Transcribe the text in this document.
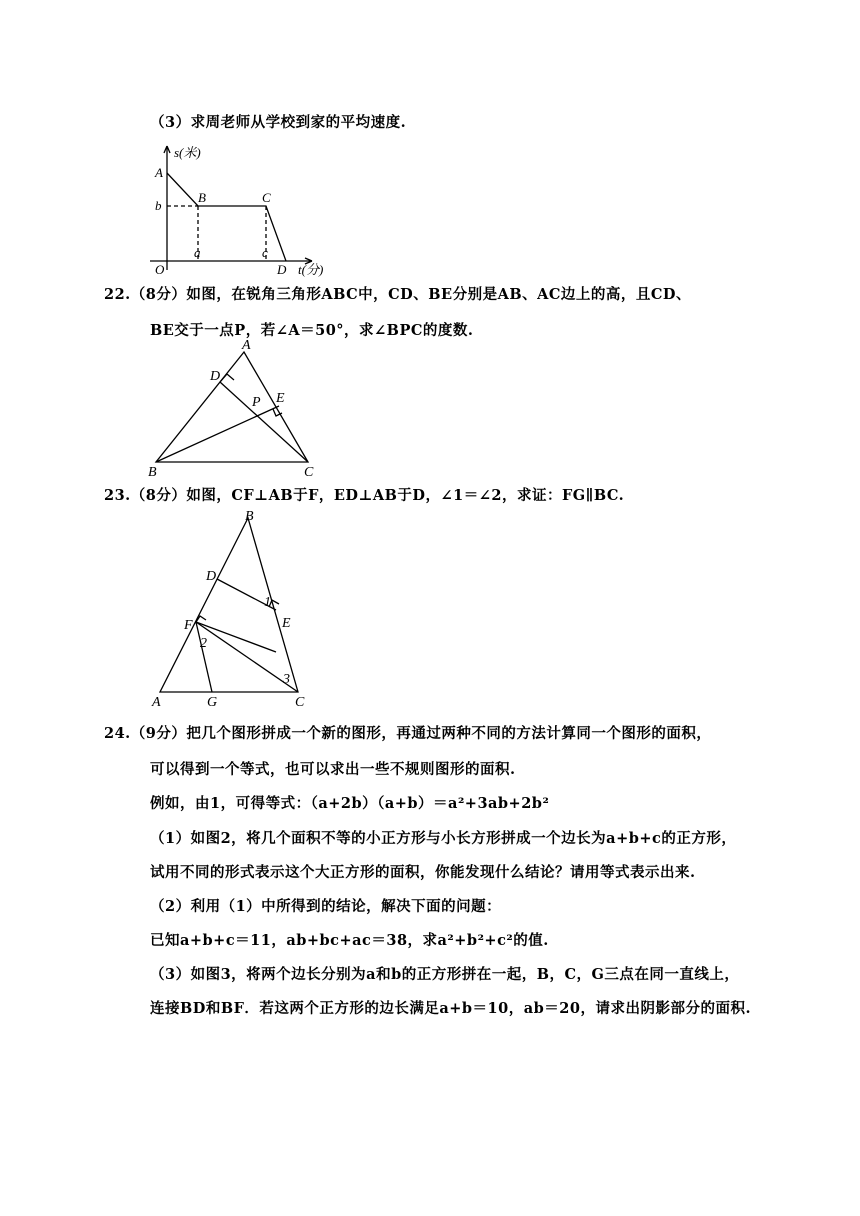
（3）求周老师从学校到家的平均速度.
s(米)
A
B	C
b
a	c
O	D t(分)
22.（8分）如图，在锐角三角形ABC中，CD、BE分别是AB、AC边上的高，且CD、
BE交于一点P，若∠A＝50°，求∠BPC的度数.
A
D
P E
B	C
23.（8分）如图，CF⊥AB于F，ED⊥AB于D，∠1＝∠2，求证：FG∥BC.
B
D
1
E
F
2
3
A	G	C
24.（9分）把几个图形拼成一个新的图形，再通过两种不同的方法计算同一个图形的面积，
可以得到一个等式，也可以求出一些不规则图形的面积.
例如，由1，可得等式：（a+2b）（a+b）＝a²+3ab+2b²
（1）如图2，将几个面积不等的小正方形与小长方形拼成一个边长为a+b+c的正方形，
试用不同的形式表示这个大正方形的面积，你能发现什么结论？请用等式表示出来.
（2）利用（1）中所得到的结论，解决下面的问题：
已知a+b+c＝11，ab+bc+ac＝38，求a²+b²+c²的值.
（3）如图3，将两个边长分别为a和b的正方形拼在一起，B，C，G三点在同一直线上，
连接BD和BF．若这两个正方形的边长满足a+b＝10，ab＝20，请求出阴影部分的面积.
